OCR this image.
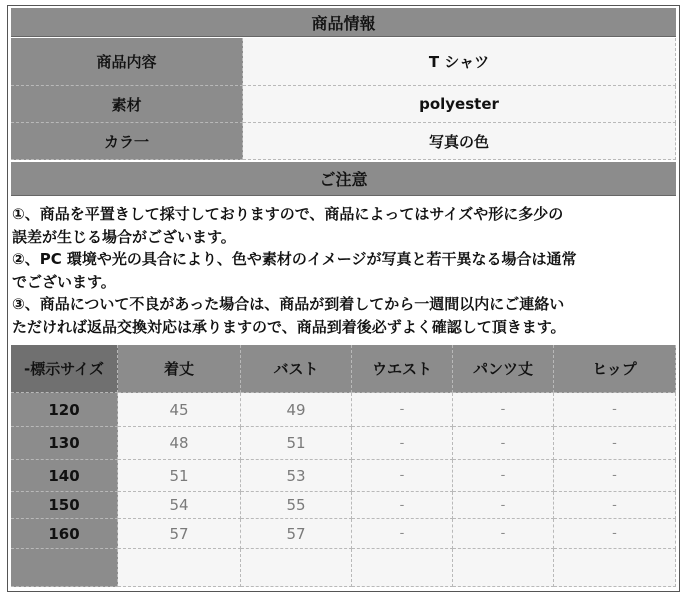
商品情報
商品内容	T シャツ
素材	polyester
カラ一	写真の色
ご注意
①、商品を平置きして採寸しておりますので、商品によってはサイズや形に多少の
誤差が生じる場合がございます。
②、PC 環境や光の具合により、色や素材のイメージが写真と若干異なる場合は通常
でございます。
③、商品について不良があった場合は、商品が到着してから一週間以内にご連絡い
ただければ返品交換対応は承りますので、商品到着後必ずよく確認して頂きます。
-標示サイズ	着丈	バスト	ウエスト	パンツ丈	ヒップ
120	45	49	-	-	-
130	48	51	-	-	-
140	51	53	-	-	-
150	54	55	-	-	-
160	57	57	-	-	-
